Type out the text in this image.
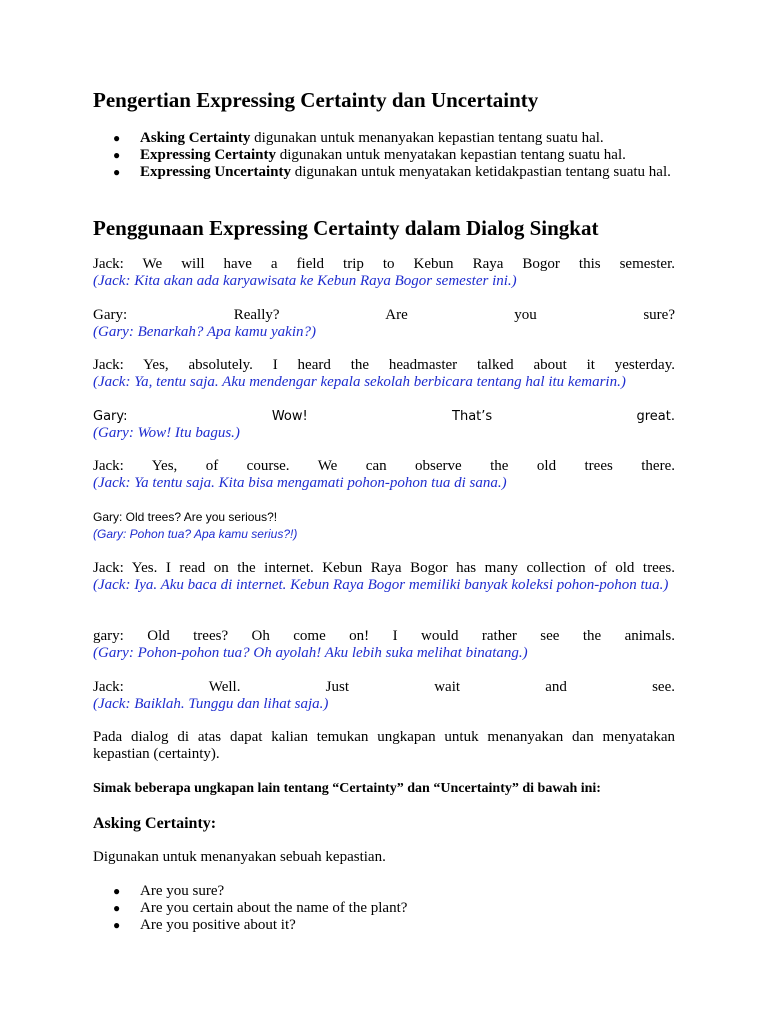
Pengertian Expressing Certainty dan Uncertainty
● Asking Certainty digunakan untuk menanyakan kepastian tentang suatu hal.
● Expressing Certainty digunakan untuk menyatakan kepastian tentang suatu hal.
● Expressing Uncertainty digunakan untuk menyatakan ketidakpastian tentang suatu hal.
Penggunaan Expressing Certainty dalam Dialog Singkat
Jack: We will have a field trip to Kebun Raya Bogor this semester.
(Jack: Kita akan ada karyawisata ke Kebun Raya Bogor semester ini.)
Gary: Really? Are you sure?
(Gary: Benarkah? Apa kamu yakin?)
Jack: Yes, absolutely. I heard the headmaster talked about it yesterday.
(Jack: Ya, tentu saja. Aku mendengar kepala sekolah berbicara tentang hal itu kemarin.)
Gary: Wow! That’s great.
(Gary: Wow! Itu bagus.)
Jack: Yes, of course. We can observe the old trees there.
(Jack: Ya tentu saja. Kita bisa mengamati pohon-pohon tua di sana.)
Gary: Old trees? Are you serious?!
(Gary: Pohon tua? Apa kamu serius?!)
Jack: Yes. I read on the internet. Kebun Raya Bogor has many collection of old trees.
(Jack: Iya. Aku baca di internet. Kebun Raya Bogor memiliki banyak koleksi pohon-pohon tua.)
gary: Old trees? Oh come on! I would rather see the animals.
(Gary: Pohon-pohon tua? Oh ayolah! Aku lebih suka melihat binatang.)
Jack: Well. Just wait and see.
(Jack: Baiklah. Tunggu dan lihat saja.)

Pada dialog di atas dapat kalian temukan ungkapan untuk menanyakan dan menyatakan kepastian (certainty).

Simak beberapa ungkapan lain tentang “Certainty” dan “Uncertainty” di bawah ini:
Asking Certainty:

Digunakan untuk menanyakan sebuah kepastian.

● Are you sure?
● Are you certain about the name of the plant?
● Are you positive about it?
